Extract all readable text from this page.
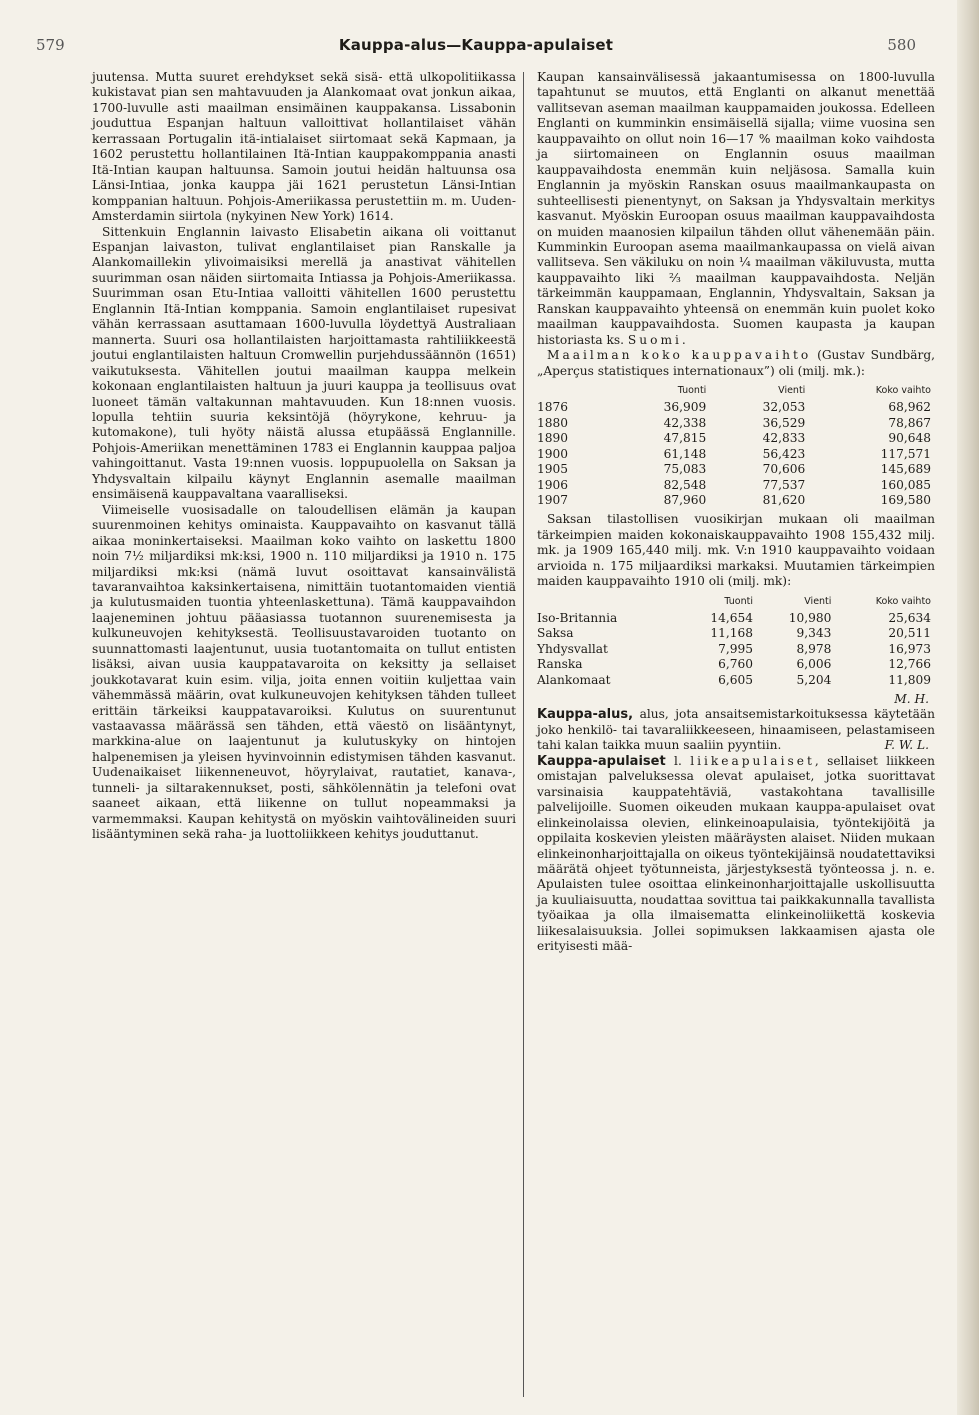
579	Kauppa-alus—Kauppa-apulaiset	580

juutensa. Mutta suuret erehdykset sekä sisä- että ulkopolitiikassa kukistavat pian sen mahtavuuden ja Alankomaat ovat jonkun aikaa, 1700-luvulle asti maailman ensimäinen kauppakansa. Lissabonin jouduttua Espanjan haltuun valloittivat hollantilaiset vähän kerrassaan Portugalin itä-intialaiset siirtomaat sekä Kapmaan, ja 1602 perustettu hollantilainen Itä-Intian kauppakomppania anasti Itä-Intian kaupan haltuunsa. Samoin joutui heidän haltuunsa osa Länsi-Intiaa, jonka kauppa jäi 1621 perustetun Länsi-Intian komppanian haltuun. Pohjois-Ameriikassa perustettiin m. m. Uuden-Amsterdamin siirtola (nykyinen New York) 1614.

Sittenkuin Englannin laivasto Elisabetin aikana oli voittanut Espanjan laivaston, tulivat englantilaiset pian Ranskalle ja Alankomaillekin ylivoimaisiksi merellä ja anastivat vähitellen suurimman osan näiden siirtomaita Intiassa ja Pohjois-Ameriikassa. Suurimman osan Etu-Intiaa valloitti vähitellen 1600 perustettu Englannin Itä-Intian komppania. Samoin englantilaiset rupesivat vähän kerrassaan asuttamaan 1600-luvulla löydettyä Australiaan mannerta. Suuri osa hollantilaisten harjoittamasta rahtiliikkeestä joutui englantilaisten haltuun Cromwellin purjehdussäännön (1651) vaikutuksesta. Vähitellen joutui maailman kauppa melkein kokonaan englantilaisten haltuun ja juuri kauppa ja teollisuus ovat luoneet tämän valtakunnan mahtavuuden. Kun 18:nnen vuosis. lopulla tehtiin suuria keksintöjä (höyrykone, kehruu- ja kutomakone), tuli hyöty näistä alussa etupäässä Englannille. Pohjois-Ameriikan menettäminen 1783 ei Englannin kauppaa paljoa vahingoittanut. Vasta 19:nnen vuosis. loppupuolella on Saksan ja Yhdysvaltain kilpailu käynyt Englannin asemalle maailman ensimäisenä kauppavaltana vaaralliseksi.

Viimeiselle vuosisadalle on taloudellisen elämän ja kaupan suurenmoinen kehitys ominaista. Kauppavaihto on kasvanut tällä aikaa moninkertaiseksi. Maailman koko vaihto on laskettu 1800 noin 7½ miljardiksi mk:ksi, 1900 n. 110 miljardiksi ja 1910 n. 175 miljardiksi mk:ksi (nämä luvut osoittavat kansainvälistä tavaranvaihtoa kaksinkertaisena, nimittäin tuotantomaiden vientiä ja kulutusmaiden tuontia yhteenlaskettuna). Tämä kauppavaihdon laajeneminen johtuu pääasiassa tuotannon suurenemisesta ja kulkuneuvojen kehityksestä. Teollisuustavaroiden tuotanto on suunnattomasti laajentunut, uusia tuotantomaita on tullut entisten lisäksi, aivan uusia kauppatavaroita on keksitty ja sellaiset joukkotavarat kuin esim. vilja, joita ennen voitiin kuljettaa vain vähemmässä määrin, ovat kulkuneuvojen kehityksen tähden tulleet erittäin tärkeiksi kauppatavaroiksi. Kulutus on suurentunut vastaavassa määrässä sen tähden, että väestö on lisääntynyt, markkina-alue on laajentunut ja kulutuskyky on hintojen halpenemisen ja yleisen hyvinvoinnin edistymisen tähden kasvanut. Uudenaikaiset liikenneneuvot, höyrylaivat, rautatiet, kanava-, tunneli- ja siltarakennukset, posti, sähkölennätin ja telefoni ovat saaneet aikaan, että liikenne on tullut nopeammaksi ja varmemmaksi. Kaupan kehitystä on myöskin vaihtovälineiden suuri lisääntyminen sekä raha- ja luottoliikkeen kehitys jouduttanut.

Kaupan kansainvälisessä jakaantumisessa on 1800-luvulla tapahtunut se muutos, että Englanti on alkanut menettää vallitsevan aseman maailman kauppamaiden joukossa. Edelleen Englanti on kumminkin ensimäisellä sijalla; viime vuosina sen kauppavaihto on ollut noin 16—17 % maailman koko vaihdosta ja siirtomaineen on Englannin osuus maailman kauppavaihdosta enemmän kuin neljäsosa. Samalla kuin Englannin ja myöskin Ranskan osuus maailmankaupasta on suhteellisesti pienentynyt, on Saksan ja Yhdysvaltain merkitys kasvanut. Myöskin Euroopan osuus maailman kauppavaihdosta on muiden maanosien kilpailun tähden ollut vähenemään päin. Kumminkin Euroopan asema maailmankaupassa on vielä aivan vallitseva. Sen väkiluku on noin ¼ maailman väkiluvusta, mutta kauppavaihto liki ²⁄₃ maailman kauppavaihdosta. Neljän tärkeimmän kauppamaan, Englannin, Yhdysvaltain, Saksan ja Ranskan kauppavaihto yhteensä on enemmän kuin puolet koko maailman kauppavaihdosta. Suomen kaupasta ja kaupan historiasta ks. Suomi.

Maailman koko kauppavaihto (Gustav Sundbärg, „Aperçus statistiques internationaux”) oli (milj. mk.):

	Tuonti	Vienti	Koko vaihto
1876	36,909	32,053	68,962
1880	42,338	36,529	78,867
1890	47,815	42,833	90,648
1900	61,148	56,423	117,571
1905	75,083	70,606	145,689
1906	82,548	77,537	160,085
1907	87,960	81,620	169,580

Saksan tilastollisen vuosikirjan mukaan oli maailman tärkeimpien maiden kokonaiskauppavaihto 1908 155,432 milj. mk. ja 1909 165,440 milj. mk. V:n 1910 kauppavaihto voidaan arvioida n. 175 miljaardiksi markaksi. Muutamien tärkeimpien maiden kauppavaihto 1910 oli (milj. mk):

	Tuonti	Vienti	Koko vaihto
Iso-Britannia	14,654	10,980	25,634
Saksa	11,168	9,343	20,511
Yhdysvallat	7,995	8,978	16,973
Ranska	6,760	6,006	12,766
Alankomaat	6,605	5,204	11,809
M. H.

Kauppa-alus, alus, jota ansaitsemistarkoituksessa käytetään joko henkilö- tai tavaraliikkeeseen, hinaamiseen, pelastamiseen tahi kalan taikka muun saaliin pyyntiin.	F. W. L.

Kauppa-apulaiset l. liikeapulaiset, sellaiset liikkeen omistajan palveluksessa olevat apulaiset, jotka suorittavat varsinaisia kauppatehtäviä, vastakohtana tavallisille palvelijoille. Suomen oikeuden mukaan kauppa-apulaiset ovat elinkeinolaissa olevien, elinkeinoapulaisia, työntekijöitä ja oppilaita koskevien yleisten määräysten alaiset. Niiden mukaan elinkeinonharjoittajalla on oikeus työntekijäinsä noudatettaviksi määrätä ohjeet työtunneista, järjestyksestä työnteossa j. n. e. Apulaisten tulee osoittaa elinkeinonharjoittajalle uskollisuutta ja kuuliaisuutta, noudattaa sovittua tai paikkakunnalla tavallista työaikaa ja olla ilmaisematta elinkeinoliikettä koskevia liikesalaisuuksia. Jollei sopimuksen lakkaamisen ajasta ole erityisesti mää-
